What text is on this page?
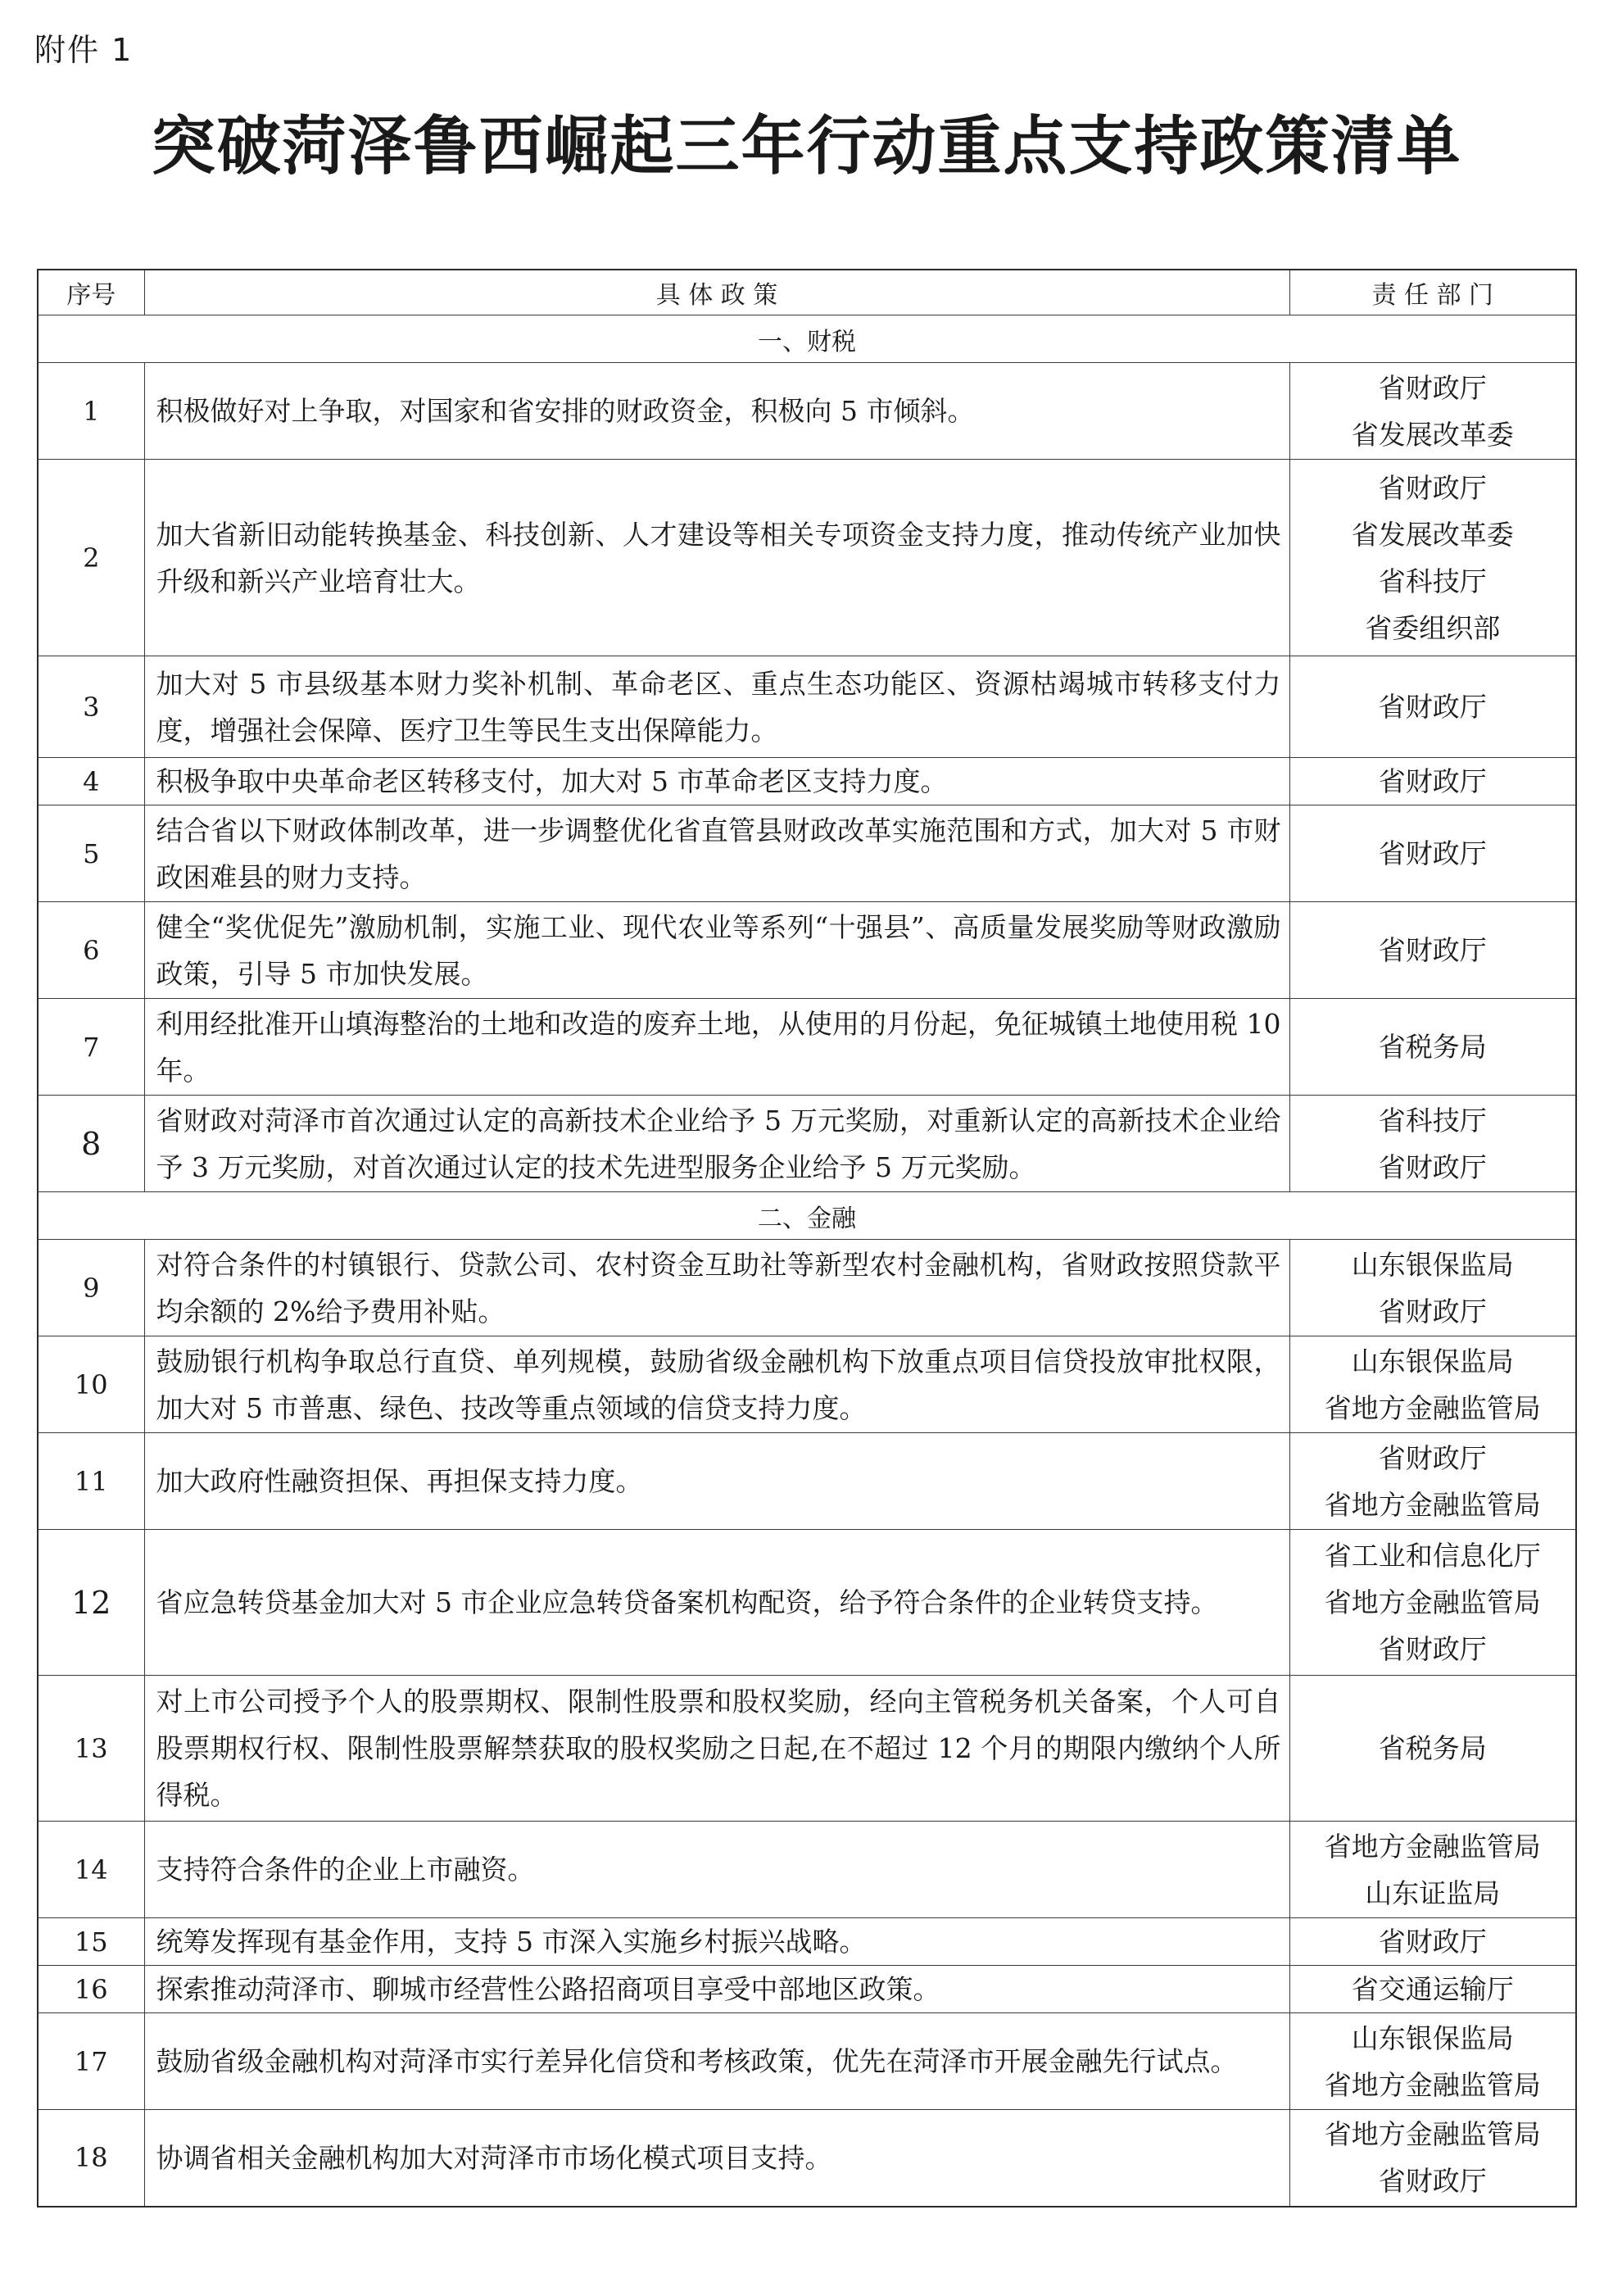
附件 1
突破菏泽鲁西崛起三年行动重点支持政策清单
序号	具 体 政 策	责 任 部 门
一、财税		
1	积极做好对上争取，对国家和省安排的财政资金，积极向 5 市倾斜。	省财政厅
省发展改革委

2	加大省新旧动能转换基金、科技创新、人才建设等相关专项资金支持力度，推动传统产业加快升级和新兴产业培育壮大。	省财政厅
省发展改革委
省科技厅
省委组织部

3	加大对 5 市县级基本财力奖补机制、革命老区、重点生态功能区、资源枯竭城市转移支付力度，增强社会保障、医疗卫生等民生支出保障能力。	省财政厅

4	积极争取中央革命老区转移支付，加大对 5 市革命老区支持力度。	省财政厅

5	结合省以下财政体制改革，进一步调整优化省直管县财政改革实施范围和方式，加大对 5 市财政困难县的财力支持。	省财政厅

6	健全“奖优促先”激励机制，实施工业、现代农业等系列“十强县”、高质量发展奖励等财政激励政策，引导 5 市加快发展。	省财政厅

7	利用经批准开山填海整治的土地和改造的废弃土地，从使用的月份起，免征城镇土地使用税 10 年。	省税务局

8	省财政对菏泽市首次通过认定的高新技术企业给予 5 万元奖励，对重新认定的高新技术企业给予 3 万元奖励，对首次通过认定的技术先进型服务企业给予 5 万元奖励。	省科技厅
省财政厅

二、金融		
9	对符合条件的村镇银行、贷款公司、农村资金互助社等新型农村金融机构，省财政按照贷款平均余额的 2%给予费用补贴。	山东银保监局
省财政厅

10	鼓励银行机构争取总行直贷、单列规模，鼓励省级金融机构下放重点项目信贷投放审批权限，加大对 5 市普惠、绿色、技改等重点领域的信贷支持力度。	山东银保监局
省地方金融监管局

11	加大政府性融资担保、再担保支持力度。	省财政厅
省地方金融监管局

12	省应急转贷基金加大对 5 市企业应急转贷备案机构配资，给予符合条件的企业转贷支持。	省工业和信息化厅
省地方金融监管局
省财政厅

13	对上市公司授予个人的股票期权、限制性股票和股权奖励，经向主管税务机关备案，个人可自股票期权行权、限制性股票解禁获取的股权奖励之日起,在不超过 12 个月的期限内缴纳个人所得税。	省税务局

14	支持符合条件的企业上市融资。	省地方金融监管局
山东证监局

15	统筹发挥现有基金作用，支持 5 市深入实施乡村振兴战略。	省财政厅

16	探索推动菏泽市、聊城市经营性公路招商项目享受中部地区政策。	省交通运输厅

17	鼓励省级金融机构对菏泽市实行差异化信贷和考核政策，优先在菏泽市开展金融先行试点。	山东银保监局
省地方金融监管局

18	协调省相关金融机构加大对菏泽市市场化模式项目支持。	省地方金融监管局
省财政厅
